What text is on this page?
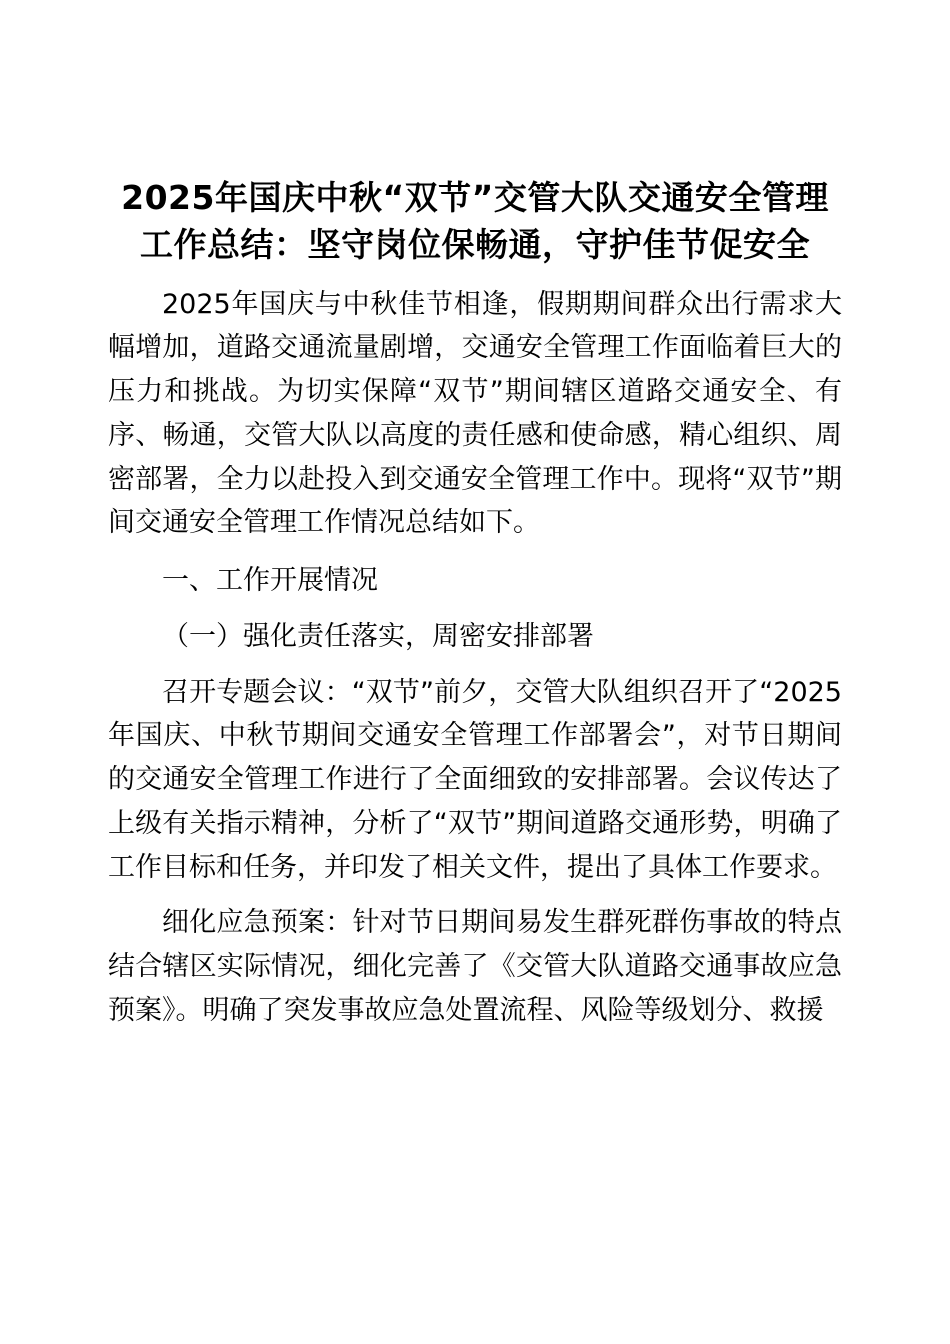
2025年国庆中秋“双节”交管大队交通安全管理工作总结：坚守岗位保畅通，守护佳节促安全

2025年国庆与中秋佳节相逢，假期期间群众出行需求大幅增加，道路交通流量剧增，交通安全管理工作面临着巨大的压力和挑战。为切实保障“双节”期间辖区道路交通安全、有序、畅通，交管大队以高度的责任感和使命感，精心组织、周密部署，全力以赴投入到交通安全管理工作中。现将“双节”期间交通安全管理工作情况总结如下。

一、工作开展情况

（一）强化责任落实，周密安排部署

召开专题会议：“双节”前夕，交管大队组织召开了“2025年国庆、中秋节期间交通安全管理工作部署会”，对节日期间的交通安全管理工作进行了全面细致的安排部署。会议传达了上级有关指示精神，分析了“双节”期间道路交通形势，明确了工作目标和任务，并印发了相关文件，提出了具体工作要求。

细化应急预案：针对节日期间易发生群死群伤事故的特点结合辖区实际情况，细化完善了《交管大队道路交通事故应急预案》。明确了突发事故应急处置流程、风险等级划分、救援
